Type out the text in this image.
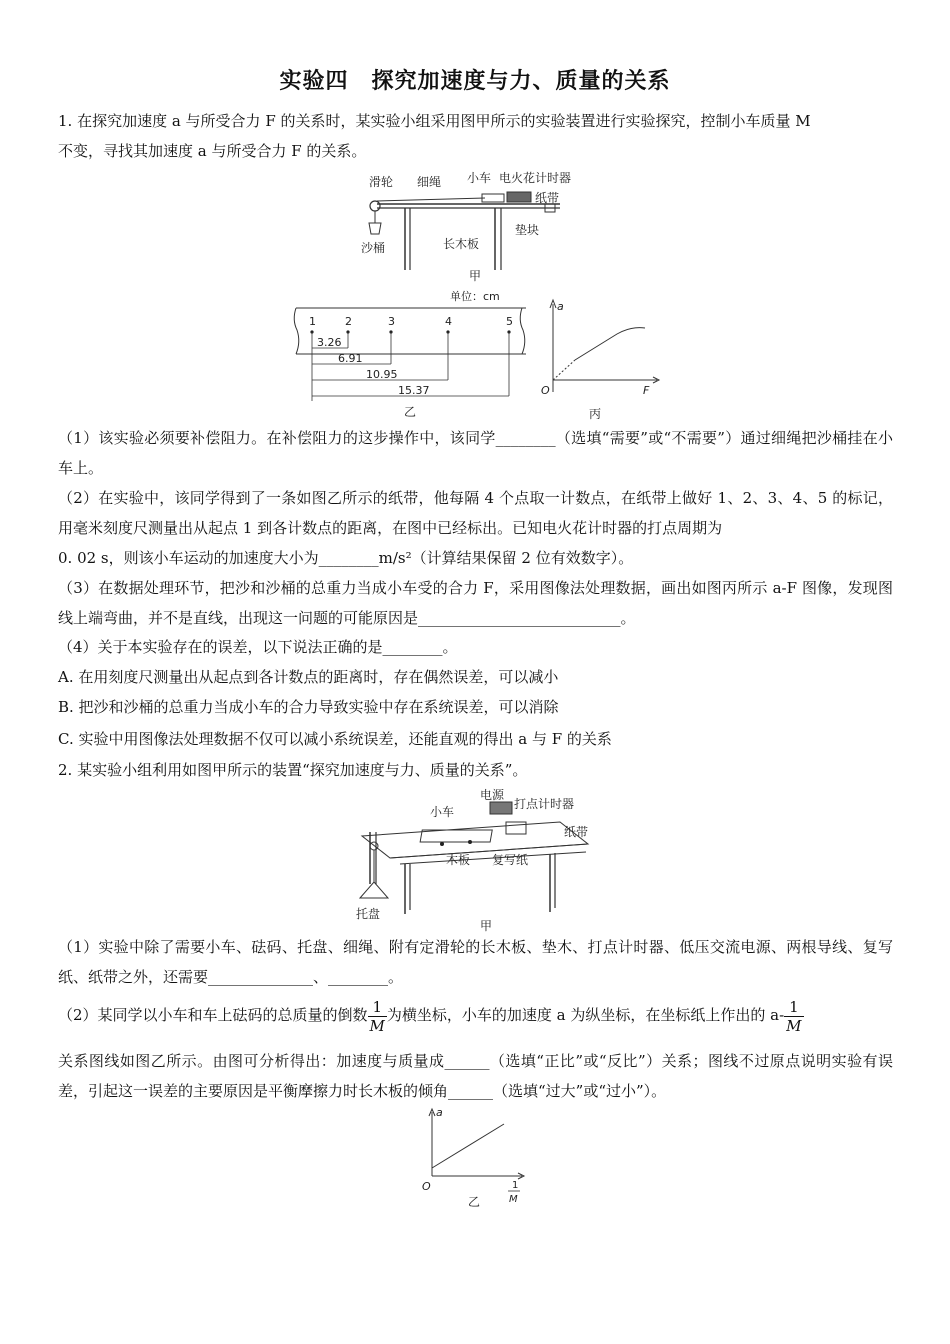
实验四　探究加速度与力、质量的关系
1. 在探究加速度 a 与所受合力 F 的关系时，某实验小组采用图甲所示的实验装置进行实验探究，控制小车质量 M
不变，寻找其加速度 a 与所受合力 F 的关系。
滑轮 细绳 小车 电火花计时器
纸带
沙桶	长木板
垫块
甲
单位：cm
1	2	3	4	5
3.26
6.91
10.95
15.37
乙
a
O	F
丙
（1）该实验必须要补偿阻力。在补偿阻力的这步操作中，该同学________（选填“需要”或“不需要”）通过细绳把沙桶挂在小车上。
（2）在实验中，该同学得到了一条如图乙所示的纸带，他每隔 4 个点取一计数点，在纸带上做好 1、2、3、4、5 的标记，用毫米刻度尺测量出从起点 1 到各计数点的距离，在图中已经标出。已知电火花计时器的打点周期为
0. 02 s，则该小车运动的加速度大小为________m/s²（计算结果保留 2 位有效数字）。
（3）在数据处理环节，把沙和沙桶的总重力当成小车受的合力 F，采用图像法处理数据，画出如图丙所示 a-F 图像，发现图线上端弯曲，并不是直线，出现这一问题的可能原因是___________________________。
（4）关于本实验存在的误差，以下说法正确的是________。
A. 在用刻度尺测量出从起点到各计数点的距离时，存在偶然误差，可以减小
B. 把沙和沙桶的总重力当成小车的合力导致实验中存在系统误差，可以消除
C. 实验中用图像法处理数据不仅可以减小系统误差，还能直观的得出 a 与 F 的关系
2. 某实验小组利用如图甲所示的装置“探究加速度与力、质量的关系”。
电源
小车
打点计时器
纸带
木板 复写纸
托盘
甲
（1）实验中除了需要小车、砝码、托盘、细绳、附有定滑轮的长木板、垫木、打点计时器、低压交流电源、两根导线、复写纸、纸带之外，还需要______________、________。
（2）某同学以小车和车上砝码的总质量的倒数 $\frac{1}{M}$ 为横坐标，小车的加速度 a 为纵坐标，在坐标纸上作出的 $a- \frac{1}{M}$
关系图线如图乙所示。由图可分析得出：加速度与质量成______（选填“正比”或“反比”）关系；图线不过原点说明实验有误差，引起这一误差的主要原因是平衡摩擦力时长木板的倾角______（选填“过大”或“过小”）。
a
O	1
M
乙
